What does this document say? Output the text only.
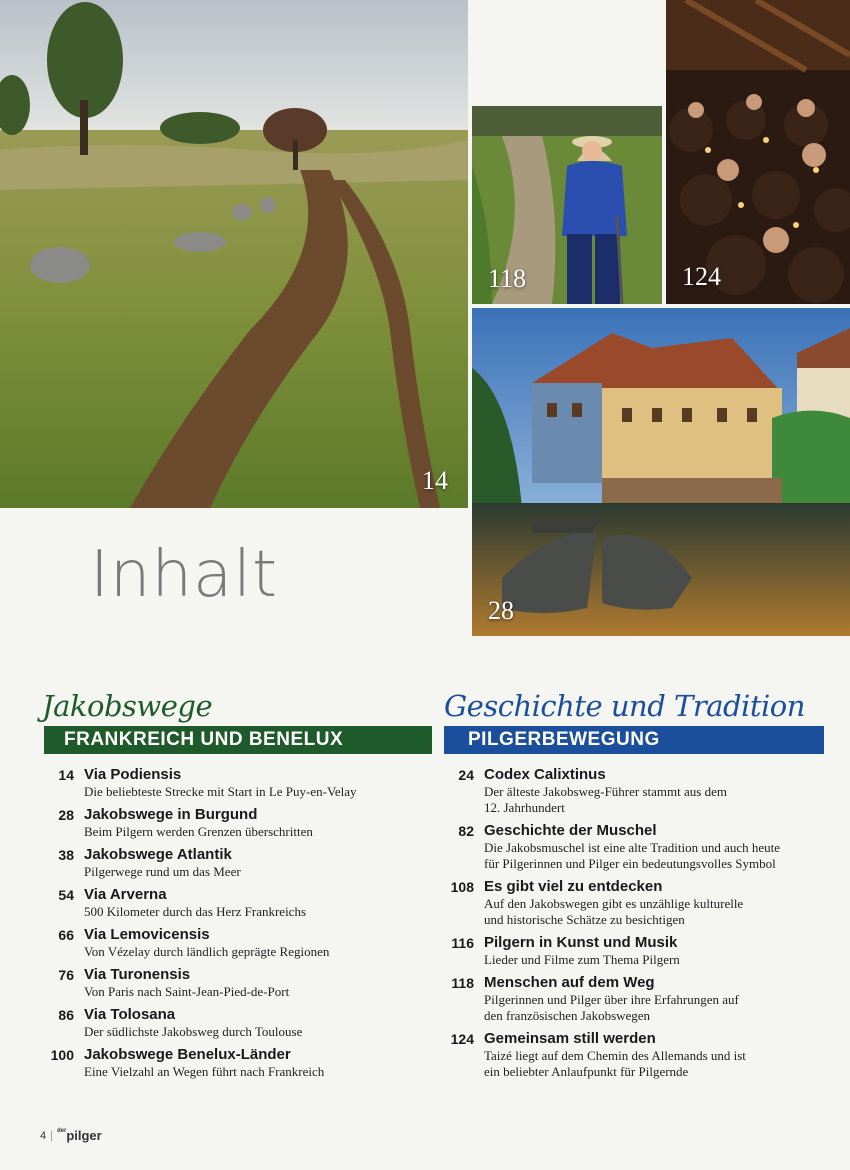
14
118	124
28
Inhalt
Jakobswege
FRANKREICH UND BENELUX
14 Via Podiensis
Die beliebteste Strecke mit Start in Le Puy-en-Velay
28 Jakobswege in Burgund
Beim Pilgern werden Grenzen überschritten
38 Jakobswege Atlantik
Pilgerwege rund um das Meer
54 Via Arverna
500 Kilometer durch das Herz Frankreichs
66 Via Lemovicensis
Von Vézelay durch ländlich geprägte Regionen
76 Via Turonensis
Von Paris nach Saint-Jean-Pied-de-Port
86 Via Tolosana
Der südlichste Jakobsweg durch Toulouse
100 Jakobswege Benelux-Länder
Eine Vielzahl an Wegen führt nach Frankreich
Geschichte und Tradition
PILGERBEWEGUNG
24 Codex Calixtinus
Der älteste Jakobsweg-Führer stammt aus dem
12. Jahrhundert
82 Geschichte der Muschel
Die Jakobsmuschel ist eine alte Tradition und auch heute
für Pilgerinnen und Pilger ein bedeutungsvolles Symbol
108 Es gibt viel zu entdecken
Auf den Jakobswegen gibt es unzählige kulturelle
und historische Schätze zu besichtigen
116 Pilgern in Kunst und Musik
Lieder und Filme zum Thema Pilgern
118 Menschen auf dem Weg
Pilgerinnen und Pilger über ihre Erfahrungen auf
den französischen Jakobswegen
124 Gemeinsam still werden
Taizé liegt auf dem Chemin des Allemands und ist
ein beliebter Anlaufpunkt für Pilgernde
4 | $^{der}$pilger
